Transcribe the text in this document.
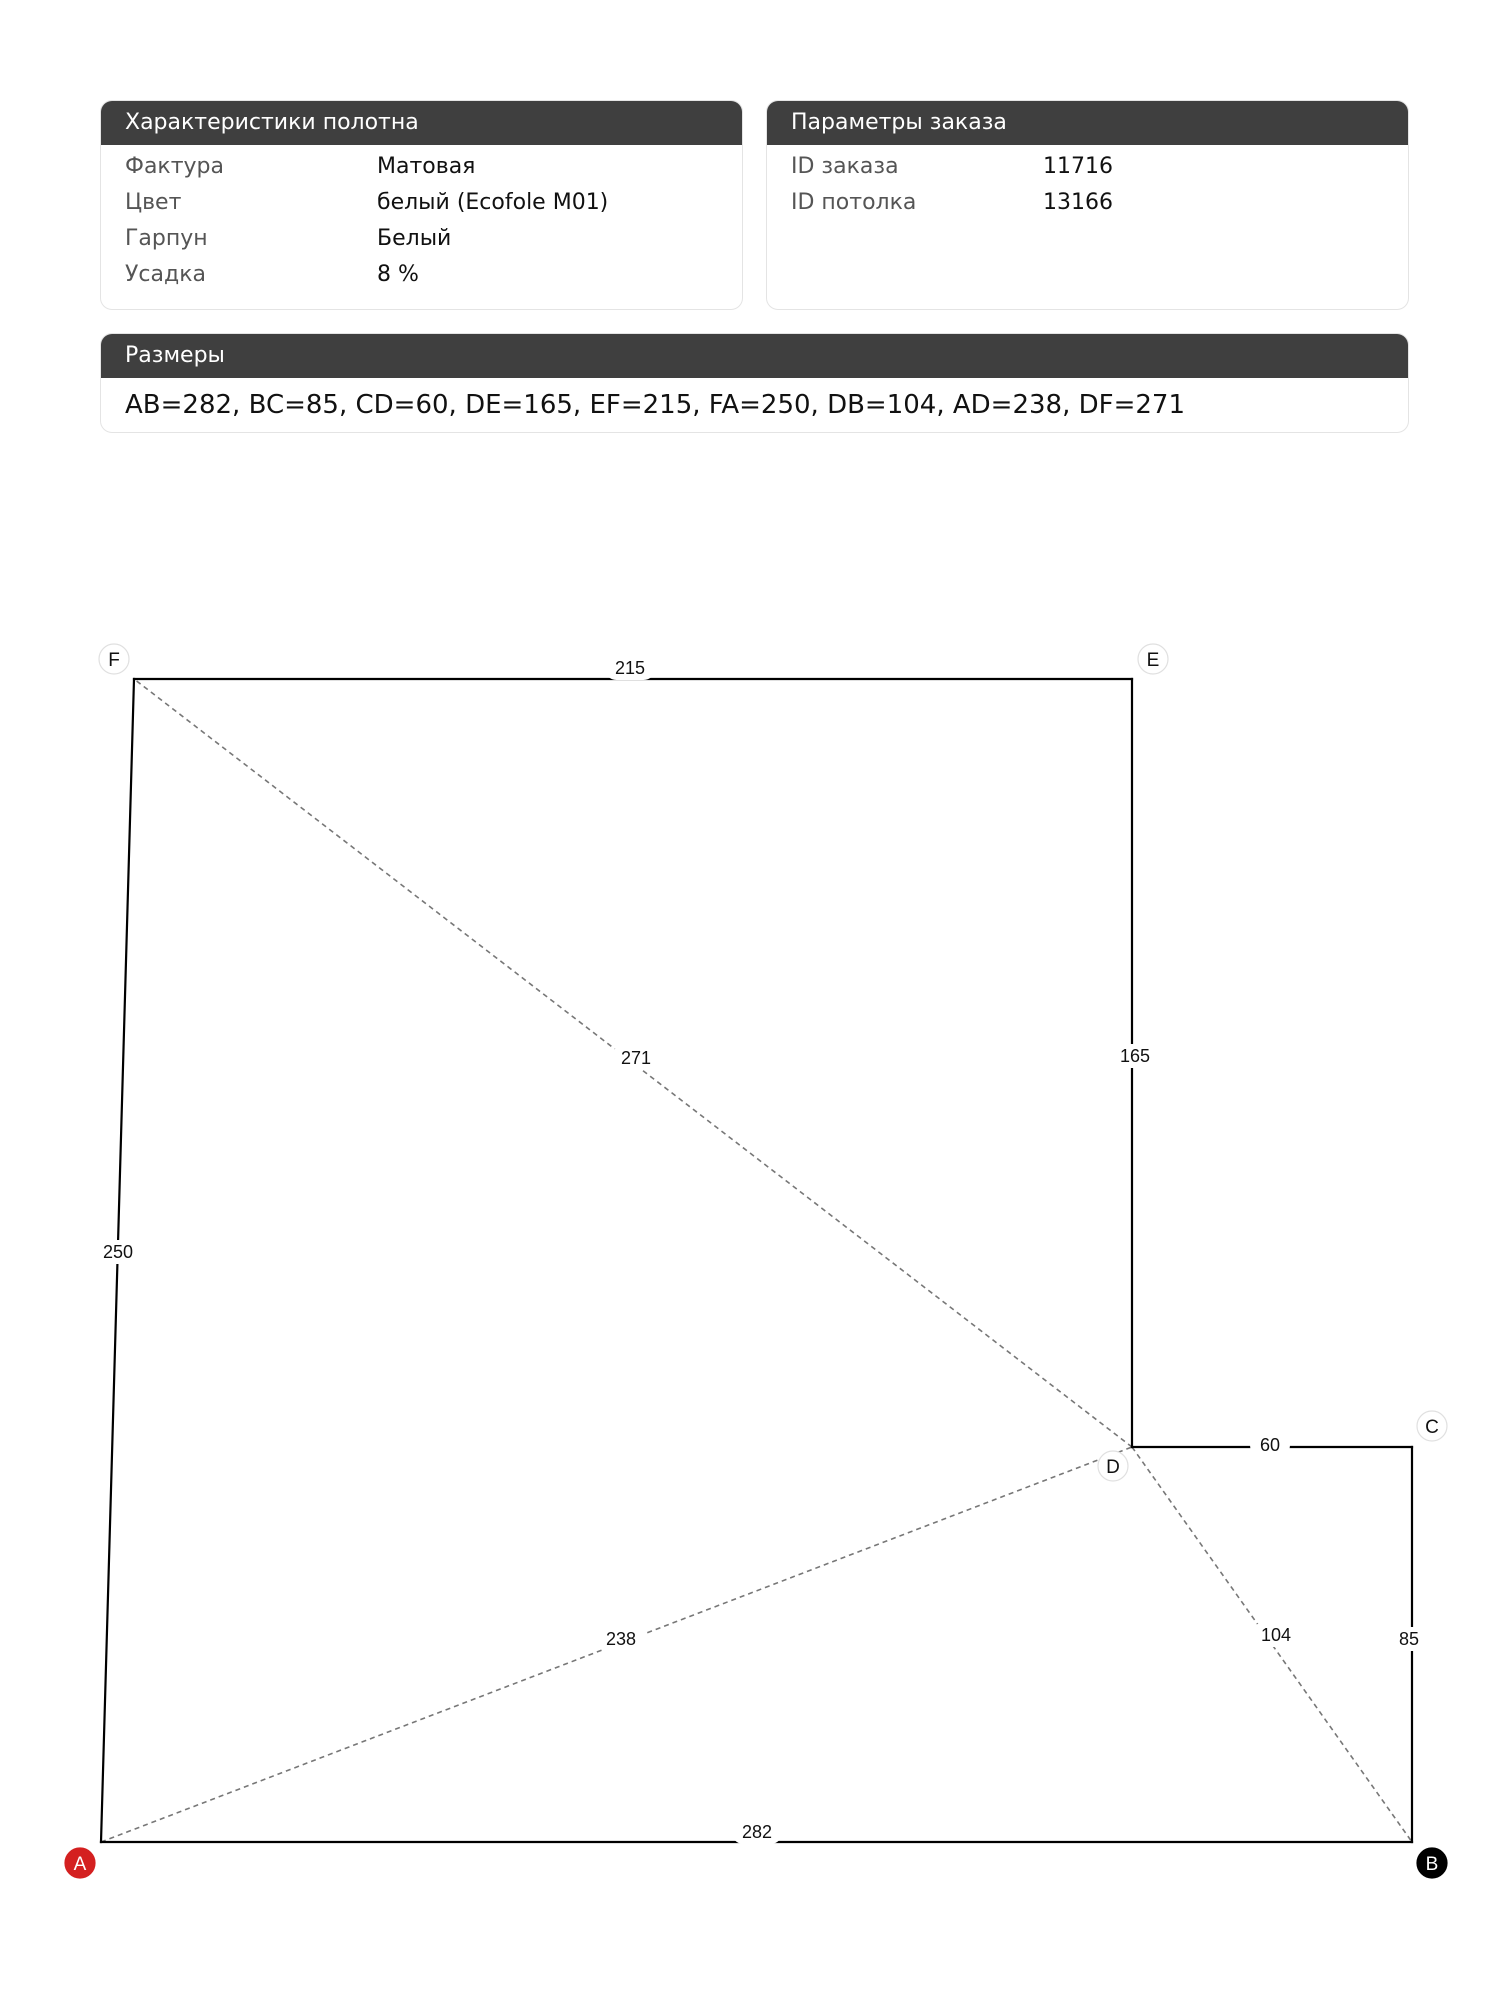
Характеристики полотна
Фактура	Матовая
Цвет	белый (Ecofole M01)
Гарпун	Белый
Усадка	8 %
Параметры заказа
ID заказа	11716
ID потолка	13166
Размеры
AB=282, BC=85, CD=60, DE=165, EF=215, FA=250, DB=104, AD=238, DF=271
104
238
271
282
85
60
165
215
250
A	B
C
D
E
F
